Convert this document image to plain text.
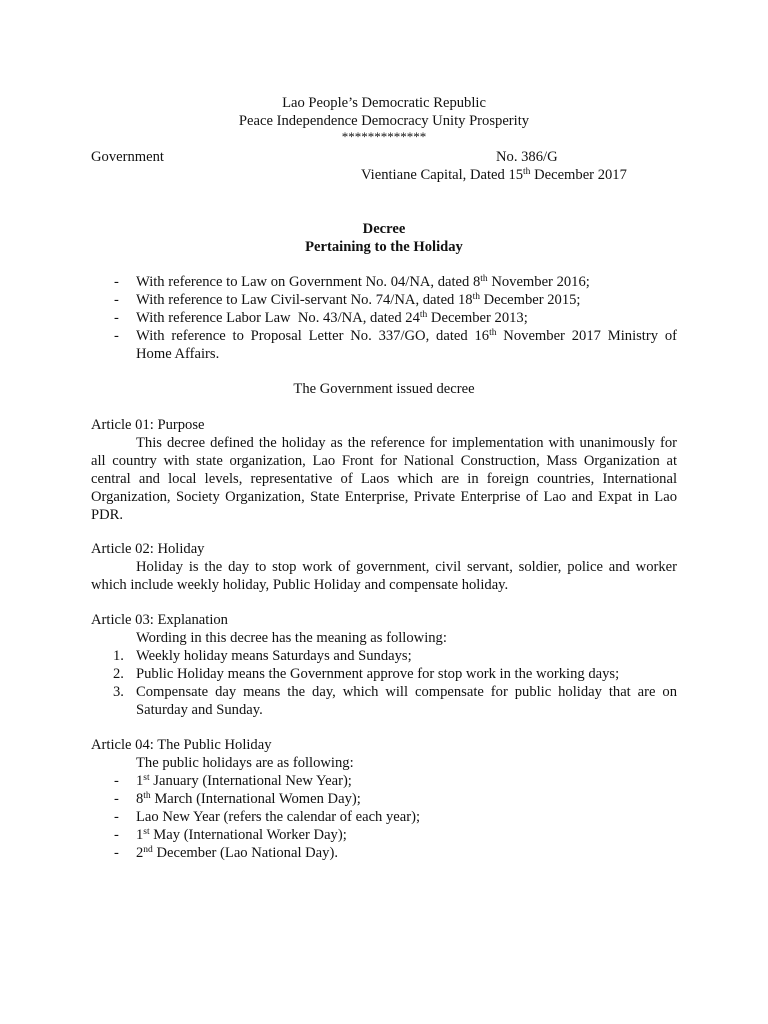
Lao People’s Democratic Republic
Peace Independence Democracy Unity Prosperity
*************
Government	No. 386/G
Vientiane Capital, Dated 15th December 2017
Decree
Pertaining to the Holiday
- With reference to Law on Government No. 04/NA, dated 8th November 2016;
- With reference to Law Civil-servant No. 74/NA, dated 18th December 2015;
- With reference Labor Law  No. 43/NA, dated 24th December 2013;
- With reference to Proposal Letter No. 337/GO, dated 16th November 2017 Ministry of
Home Affairs.
The Government issued decree
Article 01: Purpose
This decree defined the holiday as the reference for implementation with unanimously for all country with state organization, Lao Front for National Construction, Mass Organization at central and local levels, representative of Laos which are in foreign countries, International Organization, Society Organization, State Enterprise, Private Enterprise of Lao and Expat in Lao PDR.
Article 02: Holiday
Holiday is the day to stop work of government, civil servant, soldier, police and worker which include weekly holiday, Public Holiday and compensate holiday.
Article 03: Explanation
Wording in this decree has the meaning as following:
1. Weekly holiday means Saturdays and Sundays;
2. Public Holiday means the Government approve for stop work in the working days;
3. Compensate day means the day, which will compensate for public holiday that are on
Saturday and Sunday.
Article 04: The Public Holiday
The public holidays are as following:
- 1st January (International New Year);
- 8th March (International Women Day);
- Lao New Year (refers the calendar of each year);
- 1st May (International Worker Day);
- 2nd December (Lao National Day).
